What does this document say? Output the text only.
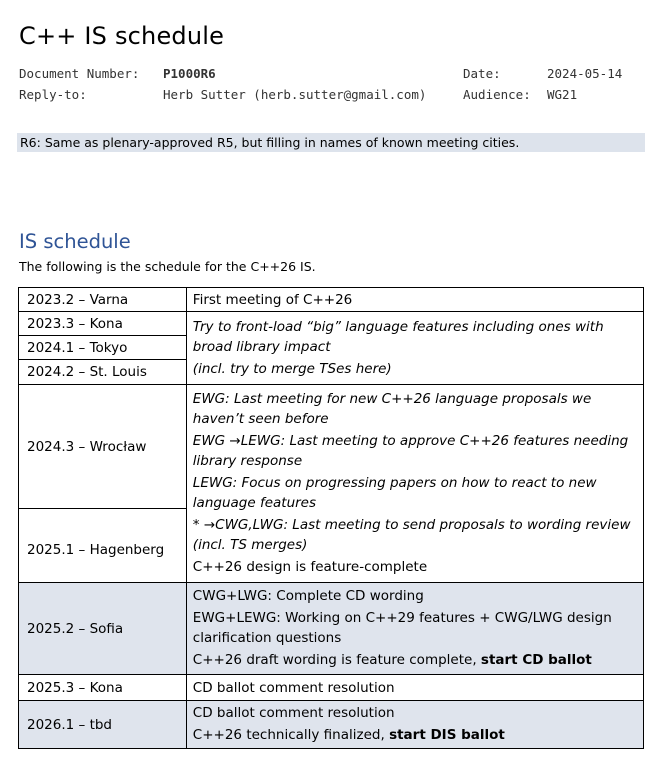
C++ IS schedule
Document Number: P1000R6	Date:	2024-05-14
Reply-to:	Herb Sutter (herb.sutter@gmail.com)	Audience: WG21
R6: Same as plenary-approved R5, but filling in names of known meeting cities.
IS schedule
The following is the schedule for the C++26 IS.
2023.2 – Varna	First meeting of C++26
2023.3 – Kona	Try to front-load “big” language features including ones with broad library impact
(incl. try to merge TSes here)

2024.1 – Tokyo	
2024.2 – St. Louis	
2024.3 – Wrocław	EWG: Last meeting for new C++26 language proposals we haven’t seen before
EWG →LEWG: Last meeting to approve C++26 features needing library response
LEWG: Focus on progressing papers on how to react to new language features
* →CWG,LWG: Last meeting to send proposals to wording review (incl. TS merges)
C++26 design is feature-complete

2025.1 – Hagenberg	
2025.2 – Sofia	CWG+LWG: Complete CD wording
EWG+LEWG: Working on C++29 features + CWG/LWG design clarification questions
C++26 draft wording is feature complete, start CD ballot

2025.3 – Kona	CD ballot comment resolution
2026.1 – tbd	CD ballot comment resolution
C++26 technically finalized, start DIS ballot
